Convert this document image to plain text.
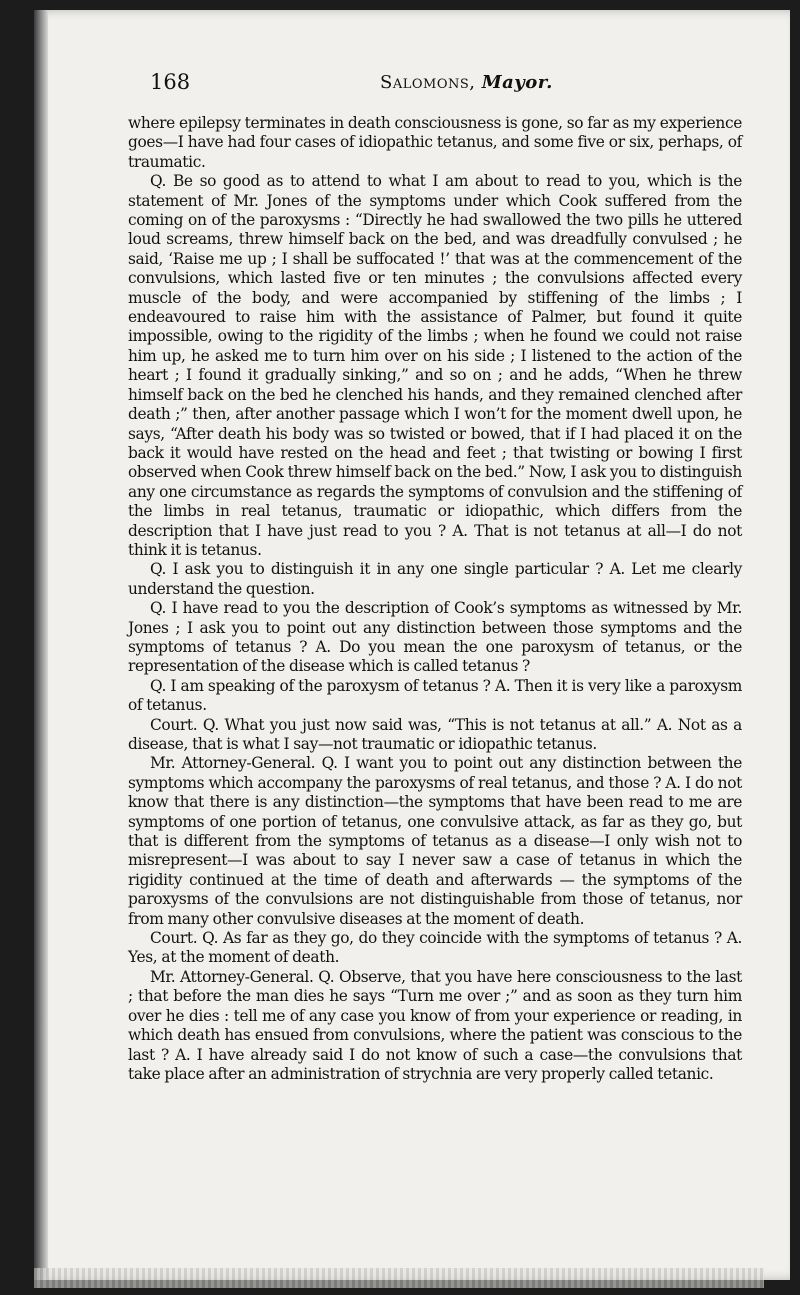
168	Salomons, Mayor.

where epilepsy terminates in death consciousness is gone, so far as my experience goes—I have had four cases of idiopathic tetanus, and some five or six, perhaps, of traumatic.

Q. Be so good as to attend to what I am about to read to you, which is the statement of Mr. Jones of the symptoms under which Cook suffered from the coming on of the paroxysms : “Directly he had swallowed the two pills he uttered loud screams, threw himself back on the bed, and was dreadfully convulsed ; he said, ‘Raise me up ; I shall be suffocated !’ that was at the commencement of the convulsions, which lasted five or ten minutes ; the convulsions affected every muscle of the body, and were accompanied by stiffening of the limbs ; I endeavoured to raise him with the assistance of Palmer, but found it quite impossible, owing to the rigidity of the limbs ; when he found we could not raise him up, he asked me to turn him over on his side ; I listened to the action of the heart ; I found it gradually sinking,” and so on ; and he adds, “When he threw himself back on the bed he clenched his hands, and they remained clenched after death ;” then, after another passage which I won’t for the moment dwell upon, he says, “After death his body was so twisted or bowed, that if I had placed it on the back it would have rested on the head and feet ; that twisting or bowing I first observed when Cook threw himself back on the bed.” Now, I ask you to distinguish any one circumstance as regards the symptoms of convulsion and the stiffening of the limbs in real tetanus, traumatic or idiopathic, which differs from the description that I have just read to you ? A. That is not tetanus at all—I do not think it is tetanus.

Q. I ask you to distinguish it in any one single particular ? A. Let me clearly understand the question.

Q. I have read to you the description of Cook’s symptoms as witnessed by Mr. Jones ; I ask you to point out any distinction between those symptoms and the symptoms of tetanus ? A. Do you mean the one paroxysm of tetanus, or the representation of the disease which is called tetanus ?

Q. I am speaking of the paroxysm of tetanus ? A. Then it is very like a paroxysm of tetanus.

Court. Q. What you just now said was, “This is not tetanus at all.” A. Not as a disease, that is what I say—not traumatic or idiopathic tetanus.

Mr. Attorney-General. Q. I want you to point out any distinction between the symptoms which accompany the paroxysms of real tetanus, and those ? A. I do not know that there is any distinction—the symptoms that have been read to me are symptoms of one portion of tetanus, one convulsive attack, as far as they go, but that is different from the symptoms of tetanus as a disease—I only wish not to misrepresent—I was about to say I never saw a case of tetanus in which the rigidity continued at the time of death and afterwards — the symptoms of the paroxysms of the convulsions are not distinguishable from those of tetanus, nor from many other convulsive diseases at the moment of death.

Court. Q. As far as they go, do they coincide with the symptoms of tetanus ? A. Yes, at the moment of death.

Mr. Attorney-General. Q. Observe, that you have here consciousness to the last ; that before the man dies he says “Turn me over ;” and as soon as they turn him over he dies : tell me of any case you know of from your experience or reading, in which death has ensued from convulsions, where the patient was conscious to the last ? A. I have already said I do not know of such a case—the convulsions that take place after an administration of strychnia are very properly called tetanic.
